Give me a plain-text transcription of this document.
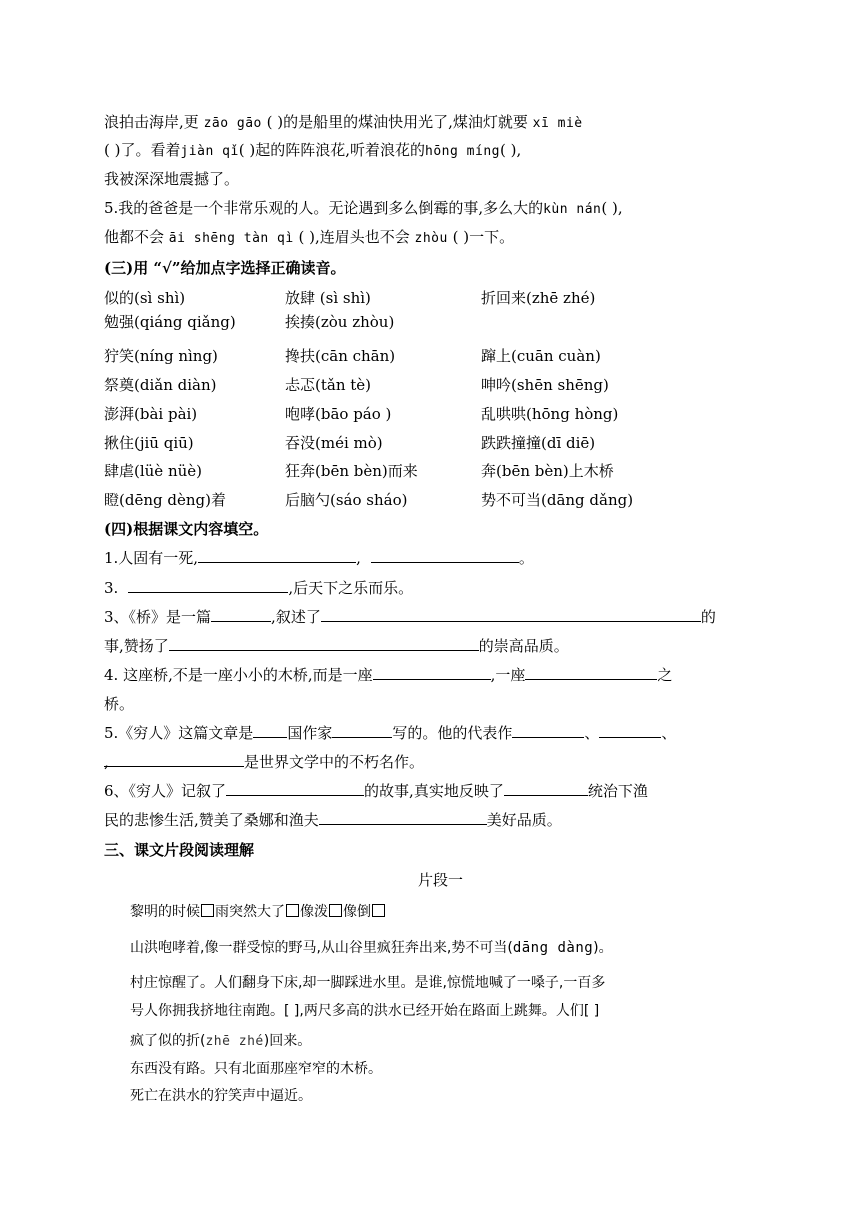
浪拍击海岸,更 zāo gāo ( )的是船里的煤油快用光了,煤油灯就要 xī miè
( )了。看着jiàn qǐ( )起的阵阵浪花,听着浪花的hōng míng( ),
我被深深地震撼了。
5.我的爸爸是一个非常乐观的人。无论遇到多么倒霉的事,多么大的kùn nán( ),
他都不会 āi shēng tàn qì ( ),连眉头也不会 zhòu ( )一下。
(三)用 “√”给加点字选择正确读音。
似的(sì shì)	放肆 (sì shì)	折回来(zhē zhé)
勉强(qiáng qiǎng)	挨揍(zòu zhòu)
狞笑(níng nìng)	搀扶(cān chān)	蹿上(cuān cuàn)
祭奠(diǎn diàn)	忐忑(tǎn tè)	呻吟(shēn shēng)
澎湃(bài pài)	咆哮(bāo páo )	乱哄哄(hōng hòng)
揪住(jiū qiū)	吞没(méi mò)	跌跌撞撞(dī diē)
肆虐(lüè nüè)	狂奔(bēn bèn)而来	奔(bēn bèn)上木桥
瞪(dēng dèng)着	后脑勺(sáo sháo)	势不可当(dāng dǎng)
(四)根据课文内容填空。
1.人固有一死,	,	。
3.	,后天下之乐而乐。
3、《桥》是一篇	,叙述了	的
事,赞扬了	的崇高品质。
4. 这座桥,不是一座小小的木桥,而是一座	,一座	之
桥。
5.《穷人》这篇文章是 国作家	写的。他的代表作	、	、
,	是世界文学中的不朽名作。
6、《穷人》记叙了	的故事,真实地反映了	统治下渔
民的悲惨生活,赞美了桑娜和渔夫	美好品质。
三、课文片段阅读理解
片段一
黎明的时候 雨突然大了 像泼 像倒
山洪咆哮着,像一群受惊的野马,从山谷里疯狂奔出来,势不可当(dāng dàng)。
村庄惊醒了。人们翻身下床,却一脚踩进水里。是谁,惊慌地喊了一嗓子,一百多
号人你拥我挤地往南跑。[ ],两尺多高的洪水已经开始在路面上跳舞。人们[ ]
疯了似的折(zhē zhé)回来。
东西没有路。只有北面那座窄窄的木桥。
死亡在洪水的狞笑声中逼近。
